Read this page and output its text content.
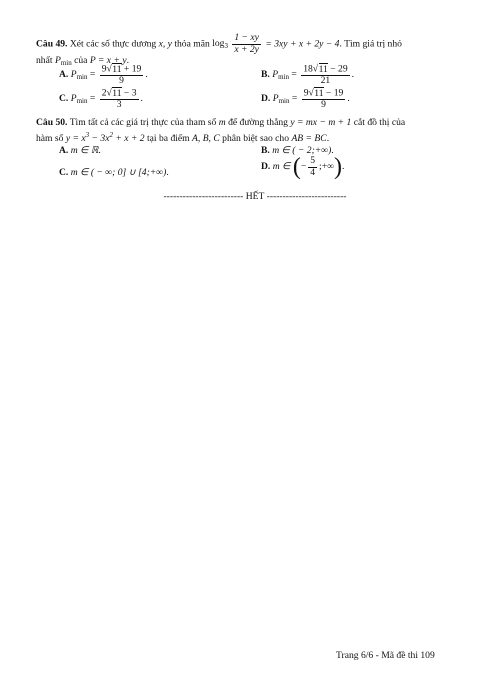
Câu 49. Xét các số thực dương x, y thỏa mãn $\log_3 \frac{1 - xy}{x + 2y} = 3xy + x + 2y - 4$. Tìm giá trị nhỏ
nhất $P_{min}$ của P = x + y.
A. $P_{min} = \frac{9√11 + 19}{9}$ .	B. $P_{min} = \frac{18√11 - 29}{21}$ .
C. $P_{min} = \frac{2√11 - 3}{3}$ .	D. $P_{min} = \frac{9√11 - 19}{9}$ .
Câu 50. Tìm tất cả các giá trị thực của tham số m để đường thẳng y = mx − m + 1 cắt đồ thị của
hàm số $y = x^3 - 3x^2 + x + 2$ tại ba điểm A, B, C phân biệt sao cho AB = BC.
A. m ∈ ℝ.	B. m ∈ ( − 2;+∞).
C. m ∈ ( − ∞; 0] ∪ [4;+∞).
D. m ∈ (− $\frac{5}{4}$ ;+∞).
------------------------- HẾT -------------------------
Trang 6/6 - Mã đề thi 109
